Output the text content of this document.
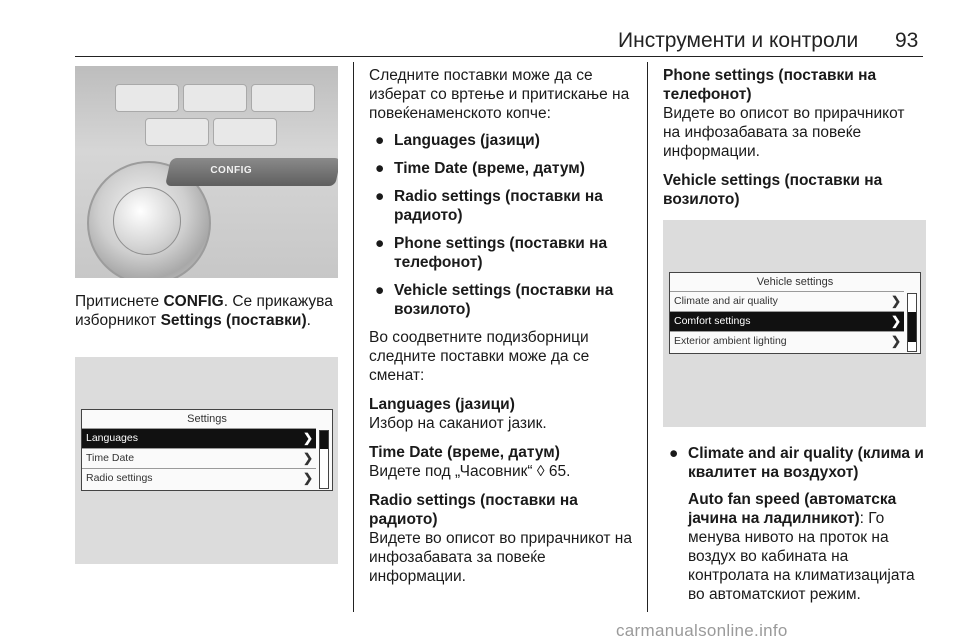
Инструменти и контроли 93
CONFIG

Притиснете CONFIG. Се прикажува изборникот Settings (поставки).

Settings
Languages	❯
Time Date	❯
Radio settings	❯

Следните поставки може да се изберат со вртење и притискање на повеќенаменското копче:

● Languages (јазици)
● Time Date (време, датум)
● Radio settings (поставки на радиото)
● Phone settings (поставки на телефонот)
● Vehicle settings (поставки на возилото)

Во соодветните подизборници следните поставки може да се сменат:

Languages (јазици)

Избор на саканиот јазик.

Time Date (време, датум)

Видете под „Часовник“ ◊ 65.

Radio settings (поставки на радиото)

Видете во описот во прирачникот на инфозабавата за повеќе информации.

Phone settings (поставки на телефонот)

Видете во описот во прирачникот на инфозабавата за повеќе информации.

Vehicle settings (поставки на возилото)

Vehicle settings
Climate and air quality	❯
Comfort settings	❯
Exterior ambient lighting	❯
● Climate and air quality (клима и квалитет на воздухот)

Auto fan speed (автоматска јачина на ладилникот): Го менува нивото на проток на воздух во кабината на контролата на климатизацијата во автоматскиот режим.

carmanualsonline.info
